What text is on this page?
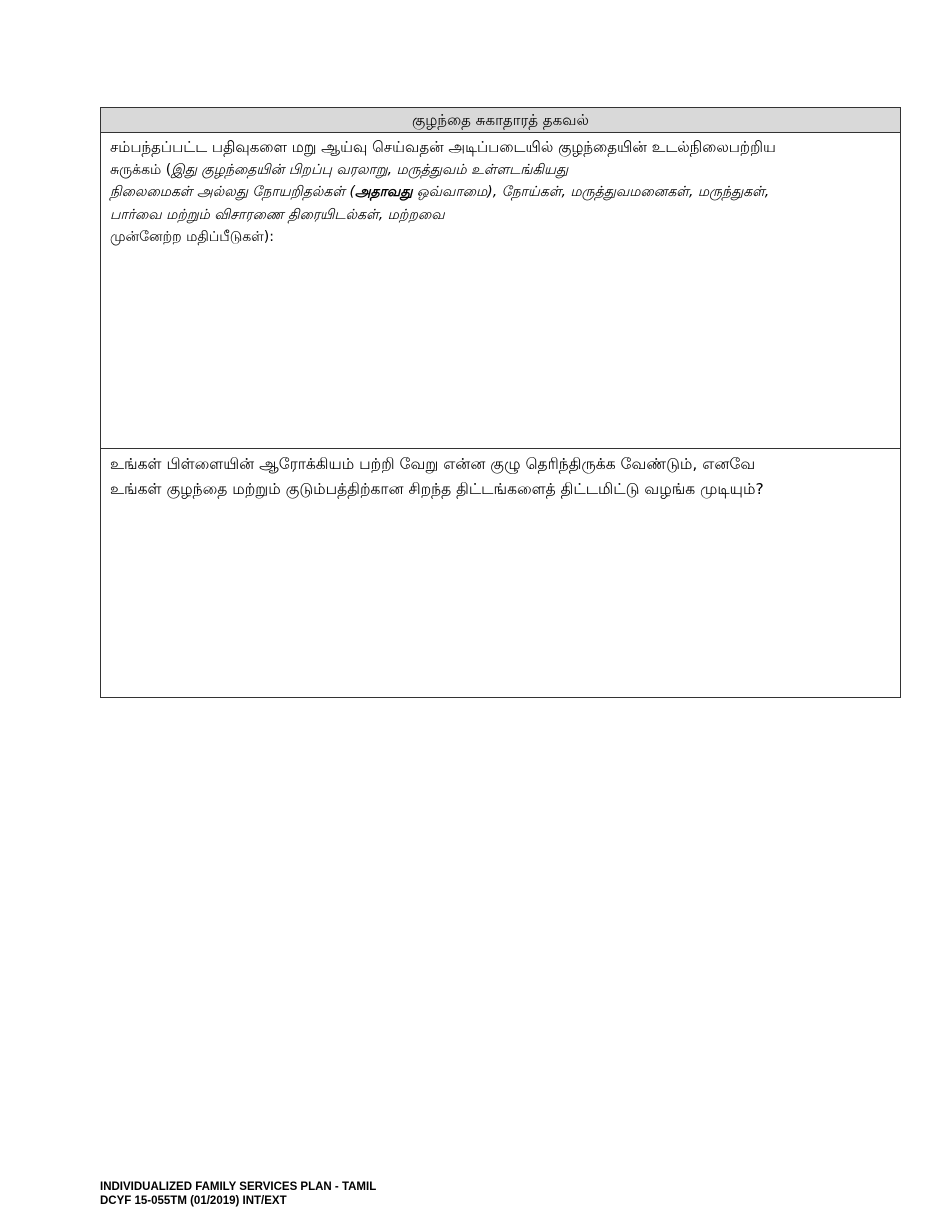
குழந்தை சுகாதாரத் தகவல்
சம்பந்தப்பட்ட பதிவுகளை மறு ஆய்வு செய்வதன் அடிப்படையில் குழந்தையின் உடல்நிலைபற்றிய
சுருக்கம் (இது குழந்தையின் பிறப்பு வரலாறு, மருத்துவம் உள்ளடங்கியது
நிலைமைகள் அல்லது நோயறிதல்கள் (அதாவது ஒவ்வாமை), நோய்கள், மருத்துவமனைகள், மருந்துகள்,
பார்வை மற்றும் விசாரணை திரையிடல்கள், மற்றவை
முன்னேற்ற மதிப்பீடுகள்):
உங்கள் பிள்ளையின் ஆரோக்கியம் பற்றி வேறு என்ன குழு தெரிந்திருக்க வேண்டும், எனவே
உங்கள் குழந்தை மற்றும் குடும்பத்திற்கான சிறந்த திட்டங்களைத் திட்டமிட்டு வழங்க முடியும்?
INDIVIDUALIZED FAMILY SERVICES PLAN - TAMIL
DCYF 15-055TM (01/2019) INT/EXT
